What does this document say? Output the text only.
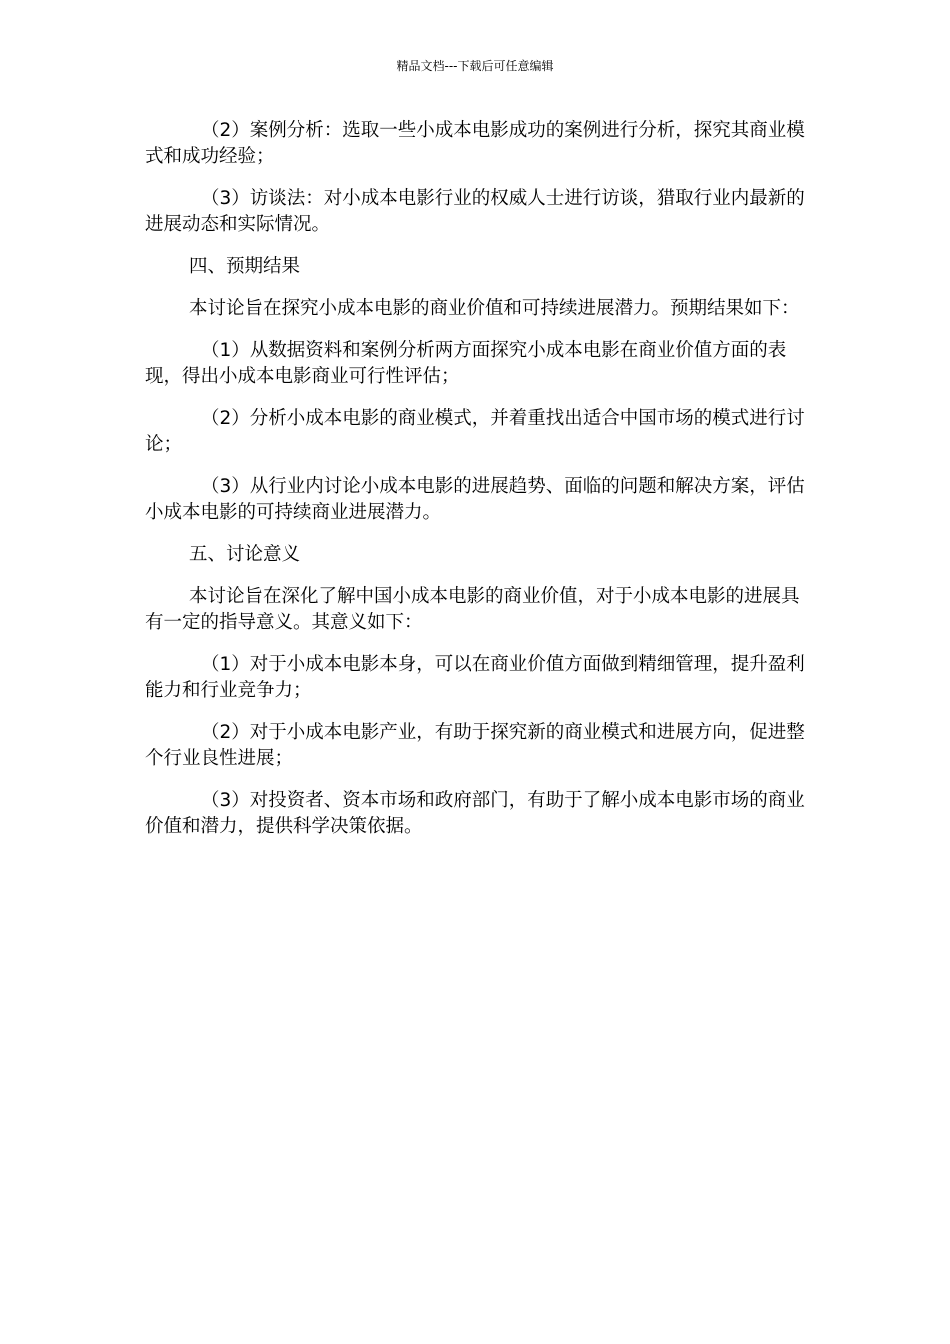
精品文档---下载后可任意编辑

（2）案例分析：选取一些小成本电影成功的案例进行分析，探究其商业模式和成功经验；

（3）访谈法：对小成本电影行业的权威人士进行访谈，猎取行业内最新的进展动态和实际情况。

四、预期结果

本讨论旨在探究小成本电影的商业价值和可持续进展潜力。预期结果如下：

（1）从数据资料和案例分析两方面探究小成本电影在商业价值方面的表现，得出小成本电影商业可行性评估；

（2）分析小成本电影的商业模式，并着重找出适合中国市场的模式进行讨论；

（3）从行业内讨论小成本电影的进展趋势、面临的问题和解决方案，评估小成本电影的可持续商业进展潜力。

五、讨论意义

本讨论旨在深化了解中国小成本电影的商业价值，对于小成本电影的进展具有一定的指导意义。其意义如下：

（1）对于小成本电影本身，可以在商业价值方面做到精细管理，提升盈利能力和行业竞争力；

（2）对于小成本电影产业，有助于探究新的商业模式和进展方向，促进整个行业良性进展；

（3）对投资者、资本市场和政府部门，有助于了解小成本电影市场的商业价值和潜力，提供科学决策依据。
